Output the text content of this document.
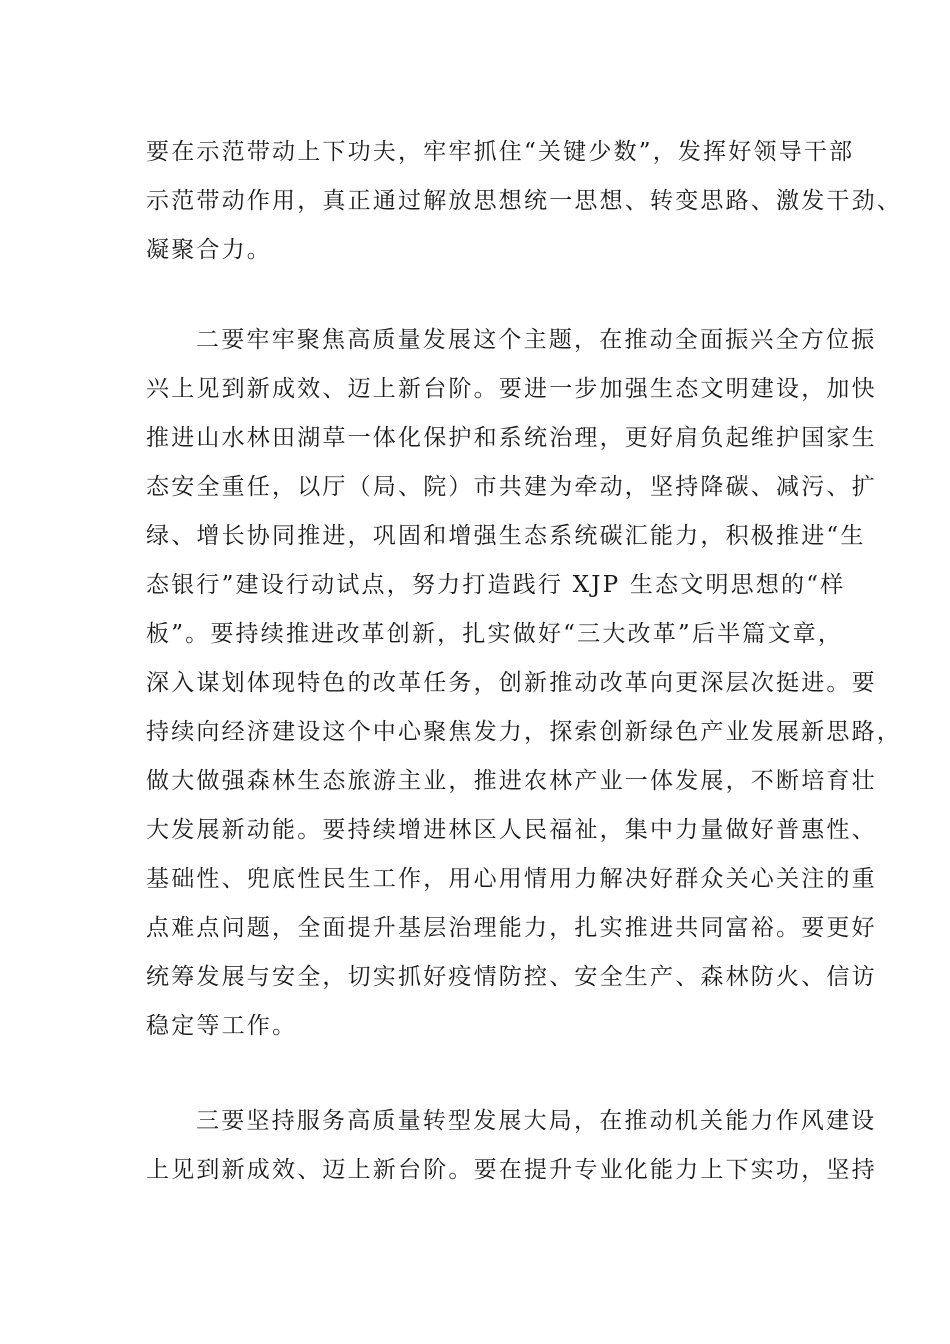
要在示范带动上下功夫，牢牢抓住“关键少数”，发挥好领导干部
示范带动作用，真正通过解放思想统一思想、转变思路、激发干劲、
凝聚合力。
二要牢牢聚焦高质量发展这个主题，在推动全面振兴全方位振
兴上见到新成效、迈上新台阶。要进一步加强生态文明建设，加快
推进山水林田湖草一体化保护和系统治理，更好肩负起维护国家生
态安全重任，以厅（局、院）市共建为牵动，坚持降碳、减污、扩
绿、增长协同推进，巩固和增强生态系统碳汇能力，积极推进“生
态银行”建设行动试点，努力打造践行 XJP 生态文明思想的“样
板”。要持续推进改革创新，扎实做好“三大改革”后半篇文章，
深入谋划体现特色的改革任务，创新推动改革向更深层次挺进。要
持续向经济建设这个中心聚焦发力，探索创新绿色产业发展新思路，
做大做强森林生态旅游主业，推进农林产业一体发展，不断培育壮
大发展新动能。要持续增进林区人民福祉，集中力量做好普惠性、
基础性、兜底性民生工作，用心用情用力解决好群众关心关注的重
点难点问题，全面提升基层治理能力，扎实推进共同富裕。要更好
统筹发展与安全，切实抓好疫情防控、安全生产、森林防火、信访
稳定等工作。
三要坚持服务高质量转型发展大局，在推动机关能力作风建设
上见到新成效、迈上新台阶。要在提升专业化能力上下实功，坚持
